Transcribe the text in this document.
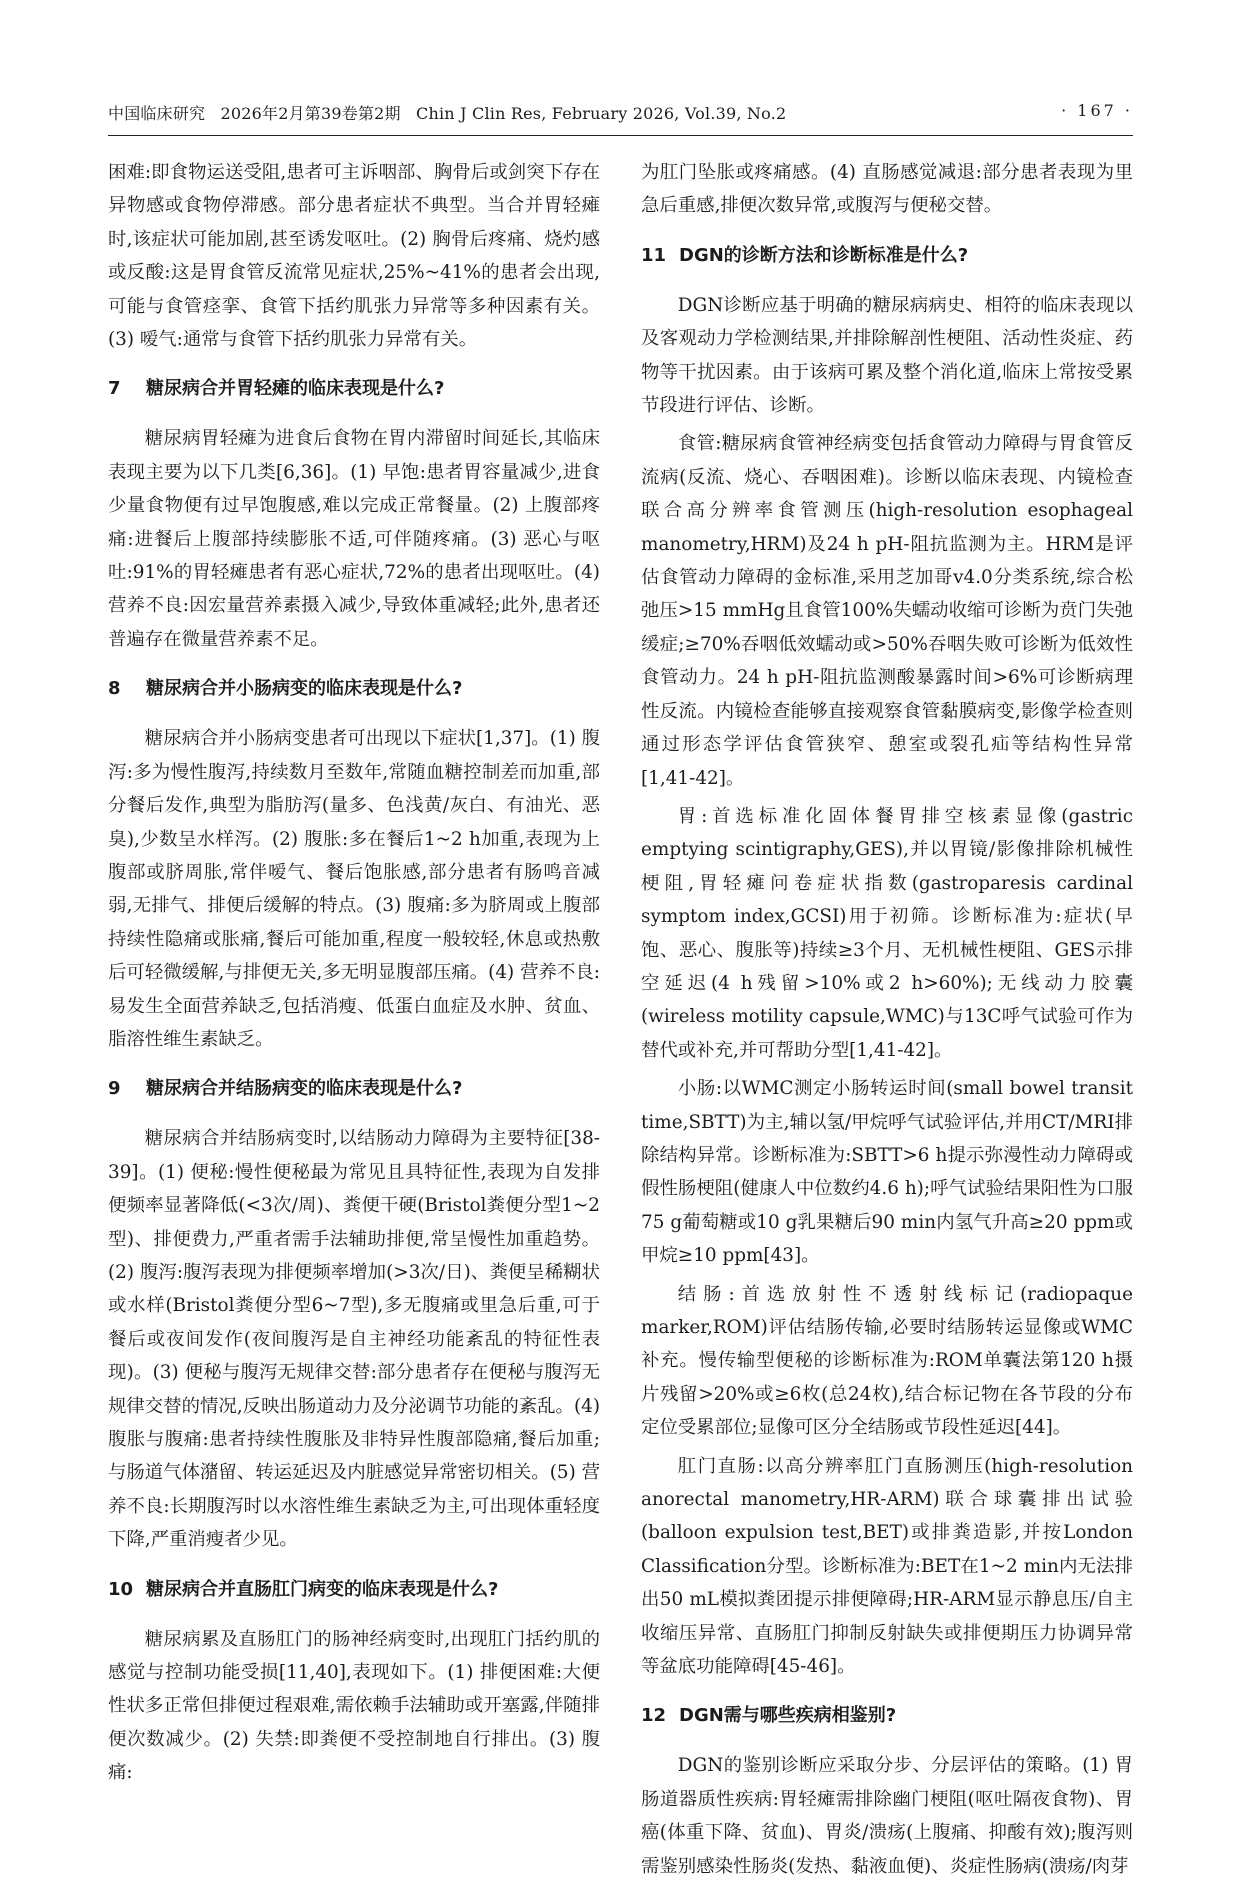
中国临床研究 2026年2月第39卷第2期 Chin J Clin Res, February 2026, Vol.39, No.2	· 167 ·

困难:即食物运送受阻,患者可主诉咽部、胸骨后或剑突下存在异物感或食物停滞感。部分患者症状不典型。当合并胃轻瘫时,该症状可能加剧,甚至诱发呕吐。(2) 胸骨后疼痛、烧灼感或反酸:这是胃食管反流常见症状,25%~41%的患者会出现,可能与食管痉挛、食管下括约肌张力异常等多种因素有关。(3) 嗳气:通常与食管下括约肌张力异常有关。

7 糖尿病合并胃轻瘫的临床表现是什么?

糖尿病胃轻瘫为进食后食物在胃内滞留时间延长,其临床表现主要为以下几类[6,36]。(1) 早饱:患者胃容量减少,进食少量食物便有过早饱腹感,难以完成正常餐量。(2) 上腹部疼痛:进餐后上腹部持续膨胀不适,可伴随疼痛。(3) 恶心与呕吐:91%的胃轻瘫患者有恶心症状,72%的患者出现呕吐。(4) 营养不良:因宏量营养素摄入减少,导致体重减轻;此外,患者还普遍存在微量营养素不足。

8 糖尿病合并小肠病变的临床表现是什么?

糖尿病合并小肠病变患者可出现以下症状[1,37]。(1) 腹泻:多为慢性腹泻,持续数月至数年,常随血糖控制差而加重,部分餐后发作,典型为脂肪泻(量多、色浅黄/灰白、有油光、恶臭),少数呈水样泻。(2) 腹胀:多在餐后1~2 h加重,表现为上腹部或脐周胀,常伴嗳气、餐后饱胀感,部分患者有肠鸣音减弱,无排气、排便后缓解的特点。(3) 腹痛:多为脐周或上腹部持续性隐痛或胀痛,餐后可能加重,程度一般较轻,休息或热敷后可轻微缓解,与排便无关,多无明显腹部压痛。(4) 营养不良:易发生全面营养缺乏,包括消瘦、低蛋白血症及水肿、贫血、脂溶性维生素缺乏。

9 糖尿病合并结肠病变的临床表现是什么?

糖尿病合并结肠病变时,以结肠动力障碍为主要特征[38-39]。(1) 便秘:慢性便秘最为常见且具特征性,表现为自发排便频率显著降低(<3次/周)、粪便干硬(Bristol粪便分型1~2型)、排便费力,严重者需手法辅助排便,常呈慢性加重趋势。(2) 腹泻:腹泻表现为排便频率增加(>3次/日)、粪便呈稀糊状或水样(Bristol粪便分型6~7型),多无腹痛或里急后重,可于餐后或夜间发作(夜间腹泻是自主神经功能紊乱的特征性表现)。(3) 便秘与腹泻无规律交替:部分患者存在便秘与腹泻无规律交替的情况,反映出肠道动力及分泌调节功能的紊乱。(4) 腹胀与腹痛:患者持续性腹胀及非特异性腹部隐痛,餐后加重;与肠道气体潴留、转运延迟及内脏感觉异常密切相关。(5) 营养不良:长期腹泻时以水溶性维生素缺乏为主,可出现体重轻度下降,严重消瘦者少见。

10 糖尿病合并直肠肛门病变的临床表现是什么?

糖尿病累及直肠肛门的肠神经病变时,出现肛门括约肌的感觉与控制功能受损[11,40],表现如下。(1) 排便困难:大便性状多正常但排便过程艰难,需依赖手法辅助或开塞露,伴随排便次数减少。(2) 失禁:即粪便不受控制地自行排出。(3) 腹痛:

为肛门坠胀或疼痛感。(4) 直肠感觉减退:部分患者表现为里急后重感,排便次数异常,或腹泻与便秘交替。

11 DGN的诊断方法和诊断标准是什么?

DGN诊断应基于明确的糖尿病病史、相符的临床表现以及客观动力学检测结果,并排除解剖性梗阻、活动性炎症、药物等干扰因素。由于该病可累及整个消化道,临床上常按受累节段进行评估、诊断。

食管:糖尿病食管神经病变包括食管动力障碍与胃食管反流病(反流、烧心、吞咽困难)。诊断以临床表现、内镜检查联合高分辨率食管测压(high-resolution esophageal manometry,HRM)及24 h pH-阻抗监测为主。HRM是评估食管动力障碍的金标准,采用芝加哥v4.0分类系统,综合松弛压>15 mmHg且食管100%失蠕动收缩可诊断为贲门失弛缓症;≥70%吞咽低效蠕动或>50%吞咽失败可诊断为低效性食管动力。24 h pH-阻抗监测酸暴露时间>6%可诊断病理性反流。内镜检查能够直接观察食管黏膜病变,影像学检查则通过形态学评估食管狭窄、憩室或裂孔疝等结构性异常[1,41-42]。

胃:首选标准化固体餐胃排空核素显像(gastric emptying scintigraphy,GES),并以胃镜/影像排除机械性梗阻,胃轻瘫问卷症状指数(gastroparesis cardinal symptom index,GCSI)用于初筛。诊断标准为:症状(早饱、恶心、腹胀等)持续≥3个月、无机械性梗阻、GES示排空延迟(4 h残留>10%或2 h>60%);无线动力胶囊(wireless motility capsule,WMC)与13C呼气试验可作为替代或补充,并可帮助分型[1,41-42]。

小肠:以WMC测定小肠转运时间(small bowel transit time,SBTT)为主,辅以氢/甲烷呼气试验评估,并用CT/MRI排除结构异常。诊断标准为:SBTT>6 h提示弥漫性动力障碍或假性肠梗阻(健康人中位数约4.6 h);呼气试验结果阳性为口服75 g葡萄糖或10 g乳果糖后90 min内氢气升高≥20 ppm或甲烷≥10 ppm[43]。

结肠:首选放射性不透射线标记(radiopaque marker,ROM)评估结肠传输,必要时结肠转运显像或WMC补充。慢传输型便秘的诊断标准为:ROM单囊法第120 h摄片残留>20%或≥6枚(总24枚),结合标记物在各节段的分布定位受累部位;显像可区分全结肠或节段性延迟[44]。

肛门直肠:以高分辨率肛门直肠测压(high-resolution anorectal manometry,HR-ARM)联合球囊排出试验(balloon expulsion test,BET)或排粪造影,并按London Classification分型。诊断标准为:BET在1~2 min内无法排出50 mL模拟粪团提示排便障碍;HR-ARM显示静息压/自主收缩压异常、直肠肛门抑制反射缺失或排便期压力协调异常等盆底功能障碍[45-46]。

12 DGN需与哪些疾病相鉴别?

DGN的鉴别诊断应采取分步、分层评估的策略。(1) 胃肠道器质性疾病:胃轻瘫需排除幽门梗阻(呕吐隔夜食物)、胃癌(体重下降、贫血)、胃炎/溃疡(上腹痛、抑酸有效);腹泻则需鉴别感染性肠炎(发热、黏液血便)、炎症性肠病(溃疡/肉芽
